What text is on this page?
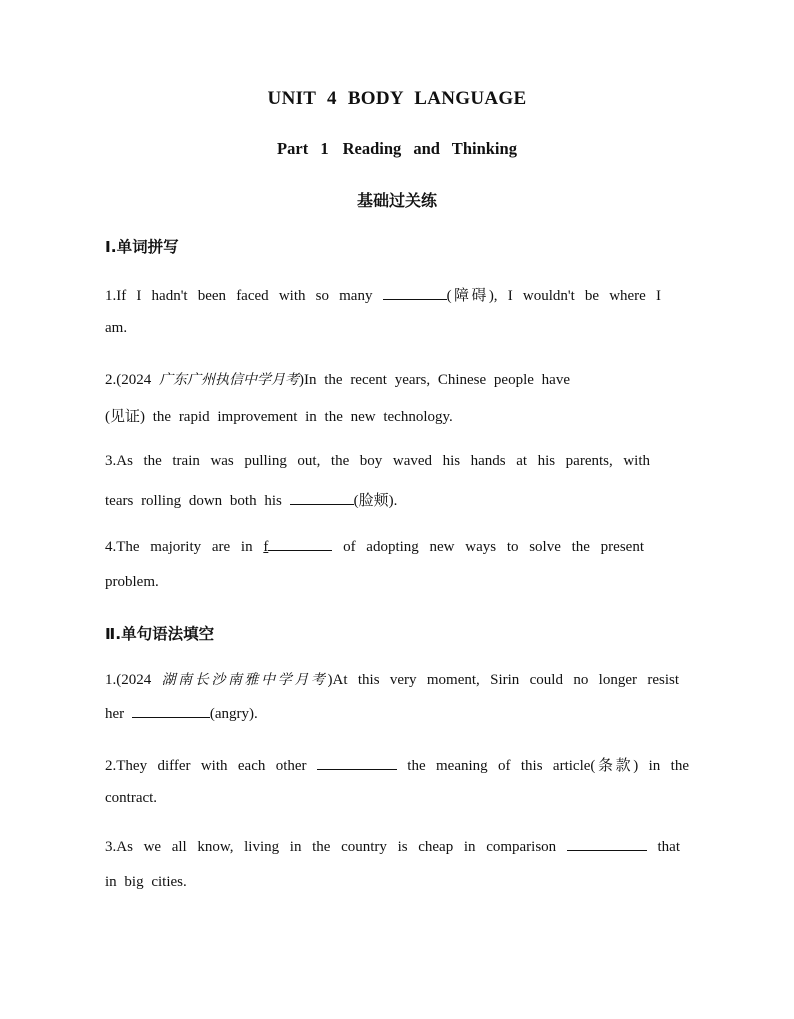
UNIT 4 BODY LANGUAGE
Part 1 Reading and Thinking
基础过关练
Ⅰ.单词拼写
1.If I hadn't been faced with so many	(障碍), I wouldn't be where I
am.
2.(2024 广东广州执信中学月考)In the recent years, Chinese people have
(见证) the rapid improvement in the new technology.
3.As the train was pulling out, the boy waved his hands at his parents, with
tears rolling down both his	(脸颊).
4.The majority are in f	of adopting new ways to solve the present
problem.
Ⅱ.单句语法填空
1.(2024 湖南长沙南雅中学月考)At this very moment, Sirin could no longer resist
her	(angry).
2.They differ with each other	the meaning of this article(条款) in the
contract.
3.As we all know, living in the country is cheap in comparison	that
in big cities.
